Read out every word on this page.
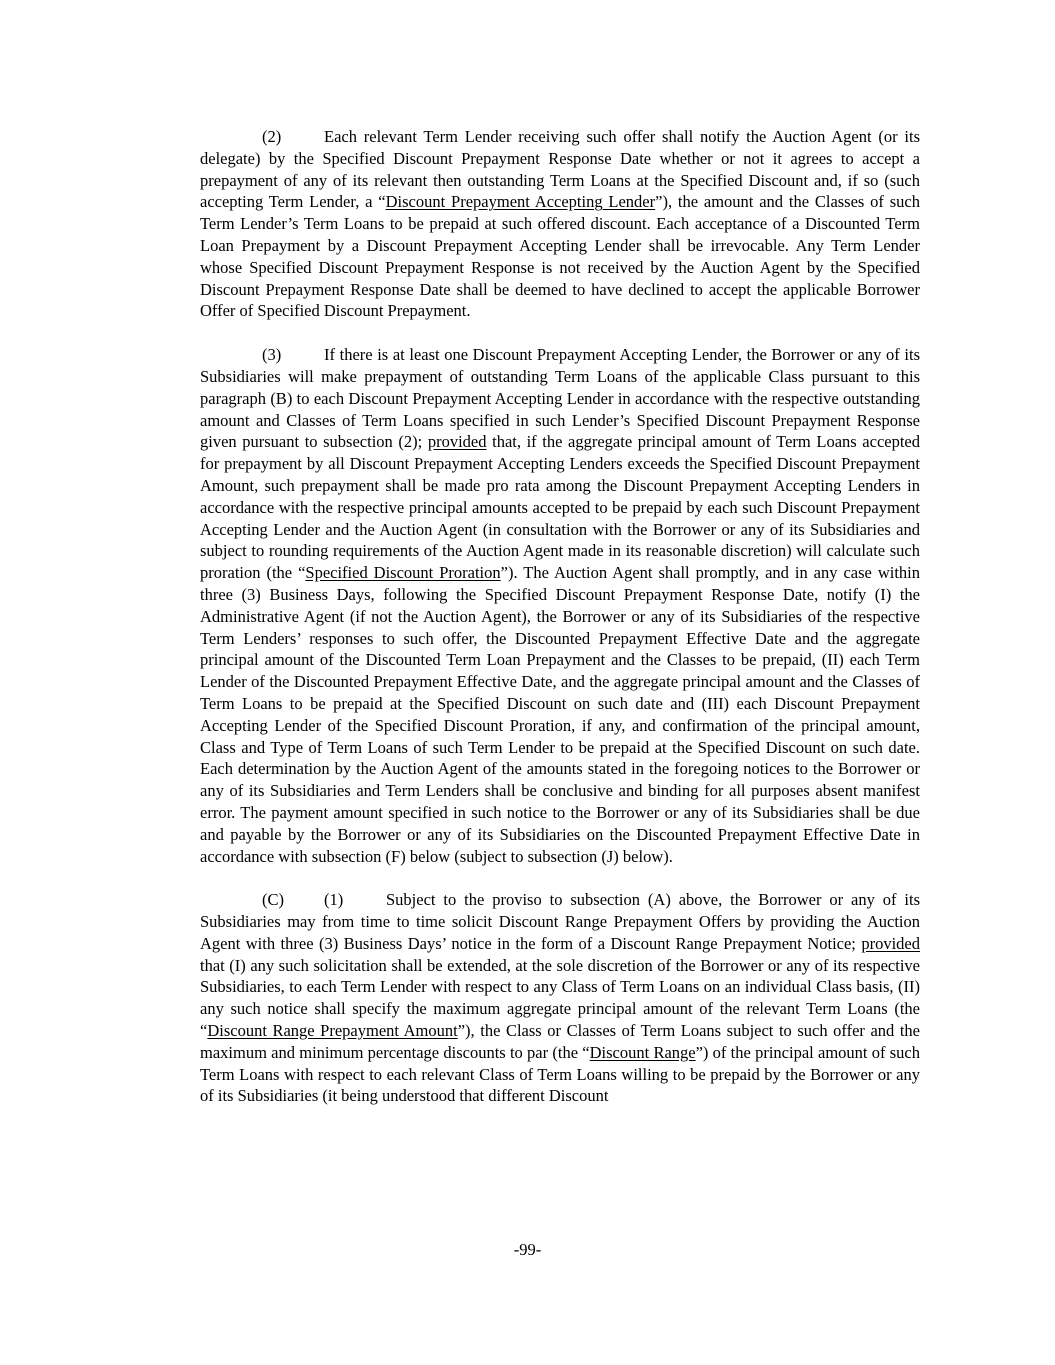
(2)	Each relevant Term Lender receiving such offer shall notify the Auction Agent (or its delegate) by the Specified Discount Prepayment Response Date whether or not it agrees to accept a prepayment of any of its relevant then outstanding Term Loans at the Specified Discount and, if so (such accepting Term Lender, a “Discount Prepayment Accepting Lender”), the amount and the Classes of such Term Lender’s Term Loans to be prepaid at such offered discount. Each acceptance of a Discounted Term Loan Prepayment by a Discount Prepayment Accepting Lender shall be irrevocable. Any Term Lender whose Specified Discount Prepayment Response is not received by the Auction Agent by the Specified Discount Prepayment Response Date shall be deemed to have declined to accept the applicable Borrower Offer of Specified Discount Prepayment.

(3)	If there is at least one Discount Prepayment Accepting Lender, the Borrower or any of its Subsidiaries will make prepayment of outstanding Term Loans of the applicable Class pursuant to this paragraph (B) to each Discount Prepayment Accepting Lender in accordance with the respective outstanding amount and Classes of Term Loans specified in such Lender’s Specified Discount Prepayment Response given pursuant to subsection (2); provided that, if the aggregate principal amount of Term Loans accepted for prepayment by all Discount Prepayment Accepting Lenders exceeds the Specified Discount Prepayment Amount, such prepayment shall be made pro rata among the Discount Prepayment Accepting Lenders in accordance with the respective principal amounts accepted to be prepaid by each such Discount Prepayment Accepting Lender and the Auction Agent (in consultation with the Borrower or any of its Subsidiaries and subject to rounding requirements of the Auction Agent made in its reasonable discretion) will calculate such proration (the “Specified Discount Proration”). The Auction Agent shall promptly, and in any case within three (3) Business Days, following the Specified Discount Prepayment Response Date, notify (I) the Administrative Agent (if not the Auction Agent), the Borrower or any of its Subsidiaries of the respective Term Lenders’ responses to such offer, the Discounted Prepayment Effective Date and the aggregate principal amount of the Discounted Term Loan Prepayment and the Classes to be prepaid, (II) each Term Lender of the Discounted Prepayment Effective Date, and the aggregate principal amount and the Classes of Term Loans to be prepaid at the Specified Discount on such date and (III) each Discount Prepayment Accepting Lender of the Specified Discount Proration, if any, and confirmation of the principal amount, Class and Type of Term Loans of such Term Lender to be prepaid at the Specified Discount on such date. Each determination by the Auction Agent of the amounts stated in the foregoing notices to the Borrower or any of its Subsidiaries and Term Lenders shall be conclusive and binding for all purposes absent manifest error. The payment amount specified in such notice to the Borrower or any of its Subsidiaries shall be due and payable by the Borrower or any of its Subsidiaries on the Discounted Prepayment Effective Date in accordance with subsection (F) below (subject to subsection (J) below).

(C) (1)	Subject to the proviso to subsection (A) above, the Borrower or any of its Subsidiaries may from time to time solicit Discount Range Prepayment Offers by providing the Auction Agent with three (3) Business Days’ notice in the form of a Discount Range Prepayment Notice; provided that (I) any such solicitation shall be extended, at the sole discretion of the Borrower or any of its respective Subsidiaries, to each Term Lender with respect to any Class of Term Loans on an individual Class basis, (II) any such notice shall specify the maximum aggregate principal amount of the relevant Term Loans (the “Discount Range Prepayment Amount”), the Class or Classes of Term Loans subject to such offer and the maximum and minimum percentage discounts to par (the “Discount Range”) of the principal amount of such Term Loans with respect to each relevant Class of Term Loans willing to be prepaid by the Borrower or any of its Subsidiaries (it being understood that different Discount

-99-
